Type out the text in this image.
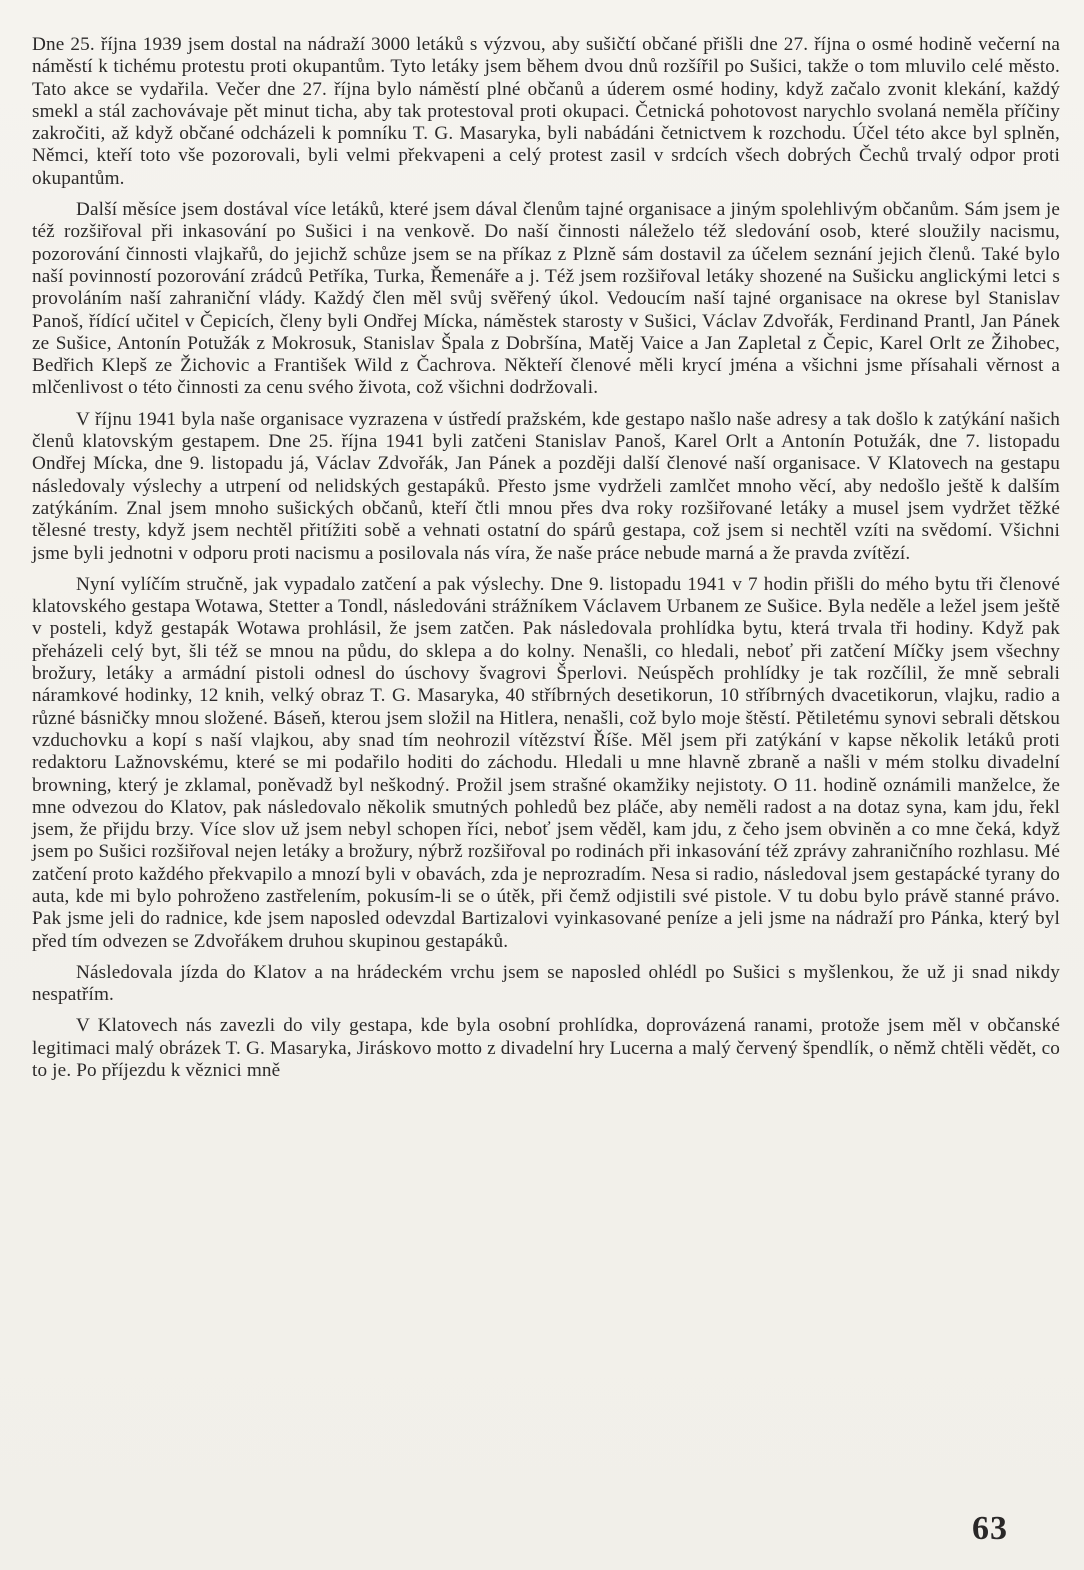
Dne 25. října 1939 jsem dostal na nádraží 3000 letáků s výzvou, aby sušičtí občané přišli dne 27. října o osmé hodině večerní na náměstí k tichému protestu proti okupantům. Tyto letáky jsem během dvou dnů rozšířil po Sušici, takže o tom mluvilo celé město. Tato akce se vydařila. Večer dne 27. října bylo náměstí plné občanů a úderem osmé hodiny, když začalo zvonit klekání, každý smekl a stál zachovávaje pět minut ticha, aby tak protestoval proti okupaci. Četnická pohotovost narychlo svolaná neměla příčiny zakročiti, až když občané odcházeli k pomníku T. G. Masaryka, byli nabádáni četnictvem k rozchodu. Účel této akce byl splněn, Němci, kteří toto vše pozorovali, byli velmi překvapeni a celý protest zasil v srdcích všech dobrých Čechů trvalý odpor proti okupantům.

Další měsíce jsem dostával více letáků, které jsem dával členům tajné organisace a jiným spolehlivým občanům. Sám jsem je též rozšiřoval při inkasování po Sušici i na venkově. Do naší činnosti náleželo též sledování osob, které sloužily nacismu, pozorování činnosti vlajkařů, do jejichž schůze jsem se na příkaz z Plzně sám dostavil za účelem seznání jejich členů. Také bylo naší povinností pozorování zrádců Petříka, Turka, Řemenáře a j. Též jsem rozšiřoval letáky shozené na Sušicku anglickými letci s provoláním naší zahraniční vlády. Každý člen měl svůj svěřený úkol. Vedoucím naší tajné organisace na okrese byl Stanislav Panoš, řídící učitel v Čepicích, členy byli Ondřej Mícka, náměstek starosty v Sušici, Václav Zdvořák, Ferdinand Prantl, Jan Pánek ze Sušice, Antonín Potužák z Mokrosuk, Stanislav Špala z Dobršína, Matěj Vaice a Jan Zapletal z Čepic, Karel Orlt ze Žihobec, Bedřich Klepš ze Žichovic a František Wild z Čachrova. Někteří členové měli krycí jména a všichni jsme přísahali věrnost a mlčenlivost o této činnosti za cenu svého života, což všichni dodržovali.

V říjnu 1941 byla naše organisace vyzrazena v ústředí pražském, kde gestapo našlo naše adresy a tak došlo k zatýkání našich členů klatovským gestapem. Dne 25. října 1941 byli zatčeni Stanislav Panoš, Karel Orlt a Antonín Potužák, dne 7. listopadu Ondřej Mícka, dne 9. listopadu já, Václav Zdvořák, Jan Pánek a později další členové naší organisace. V Klatovech na gestapu následovaly výslechy a utrpení od nelidských gestapáků. Přesto jsme vydrželi zamlčet mnoho věcí, aby nedošlo ještě k dalším zatýkáním. Znal jsem mnoho sušických občanů, kteří čtli mnou přes dva roky rozšiřované letáky a musel jsem vydržet těžké tělesné tresty, když jsem nechtěl přitížiti sobě a vehnati ostatní do spárů gestapa, což jsem si nechtěl vzíti na svědomí. Všichni jsme byli jednotni v odporu proti nacismu a posilovala nás víra, že naše práce nebude marná a že pravda zvítězí.

Nyní vylíčím stručně, jak vypadalo zatčení a pak výslechy. Dne 9. listopadu 1941 v 7 hodin přišli do mého bytu tři členové klatovského gestapa Wotawa, Stetter a Tondl, následováni strážníkem Václavem Urbanem ze Sušice. Byla neděle a ležel jsem ještě v posteli, když gestapák Wotawa prohlásil, že jsem zatčen. Pak následovala prohlídka bytu, která trvala tři hodiny. Když pak přeházeli celý byt, šli též se mnou na půdu, do sklepa a do kolny. Nenašli, co hledali, neboť při zatčení Míčky jsem všechny brožury, letáky a armádní pistoli odnesl do úschovy švagrovi Šperlovi. Neúspěch prohlídky je tak rozčílil, že mně sebrali náramkové hodinky, 12 knih, velký obraz T. G. Masaryka, 40 stříbrných desetikorun, 10 stříbrných dvacetikorun, vlajku, radio a různé básničky mnou složené. Báseň, kterou jsem složil na Hitlera, nenašli, což bylo moje štěstí. Pětiletému synovi sebrali dětskou vzduchovku a kopí s naší vlajkou, aby snad tím neohrozil vítězství Říše. Měl jsem při zatýkání v kapse několik letáků proti redaktoru Lažnovskému, které se mi podařilo hoditi do záchodu. Hledali u mne hlavně zbraně a našli v mém stolku divadelní browning, který je zklamal, poněvadž byl neškodný. Prožil jsem strašné okamžiky nejistoty. O 11. hodině oznámili manželce, že mne odvezou do Klatov, pak následovalo několik smutných pohledů bez pláče, aby neměli radost a na dotaz syna, kam jdu, řekl jsem, že přijdu brzy. Více slov už jsem nebyl schopen říci, neboť jsem věděl, kam jdu, z čeho jsem obviněn a co mne čeká, když jsem po Sušici rozšiřoval nejen letáky a brožury, nýbrž rozšiřoval po rodinách při inkasování též zprávy zahraničního rozhlasu. Mé zatčení proto každého překvapilo a mnozí byli v obavách, zda je neprozradím. Nesa si radio, následoval jsem gestapácké tyrany do auta, kde mi bylo pohroženo zastřelením, pokusím-li se o útěk, při čemž odjistili své pistole. V tu dobu bylo právě stanné právo. Pak jsme jeli do radnice, kde jsem naposled odevzdal Bartizalovi vyinkasované peníze a jeli jsme na nádraží pro Pánka, který byl před tím odvezen se Zdvořákem druhou skupinou gestapáků.

Následovala jízda do Klatov a na hrádeckém vrchu jsem se naposled ohlédl po Sušici s myšlenkou, že už ji snad nikdy nespatřím.

V Klatovech nás zavezli do vily gestapa, kde byla osobní prohlídka, doprovázená ranami, protože jsem měl v občanské legitimaci malý obrázek T. G. Masaryka, Jiráskovo motto z divadelní hry Lucerna a malý červený špendlík, o němž chtěli vědět, co to je. Po příjezdu k věznici mně

63
